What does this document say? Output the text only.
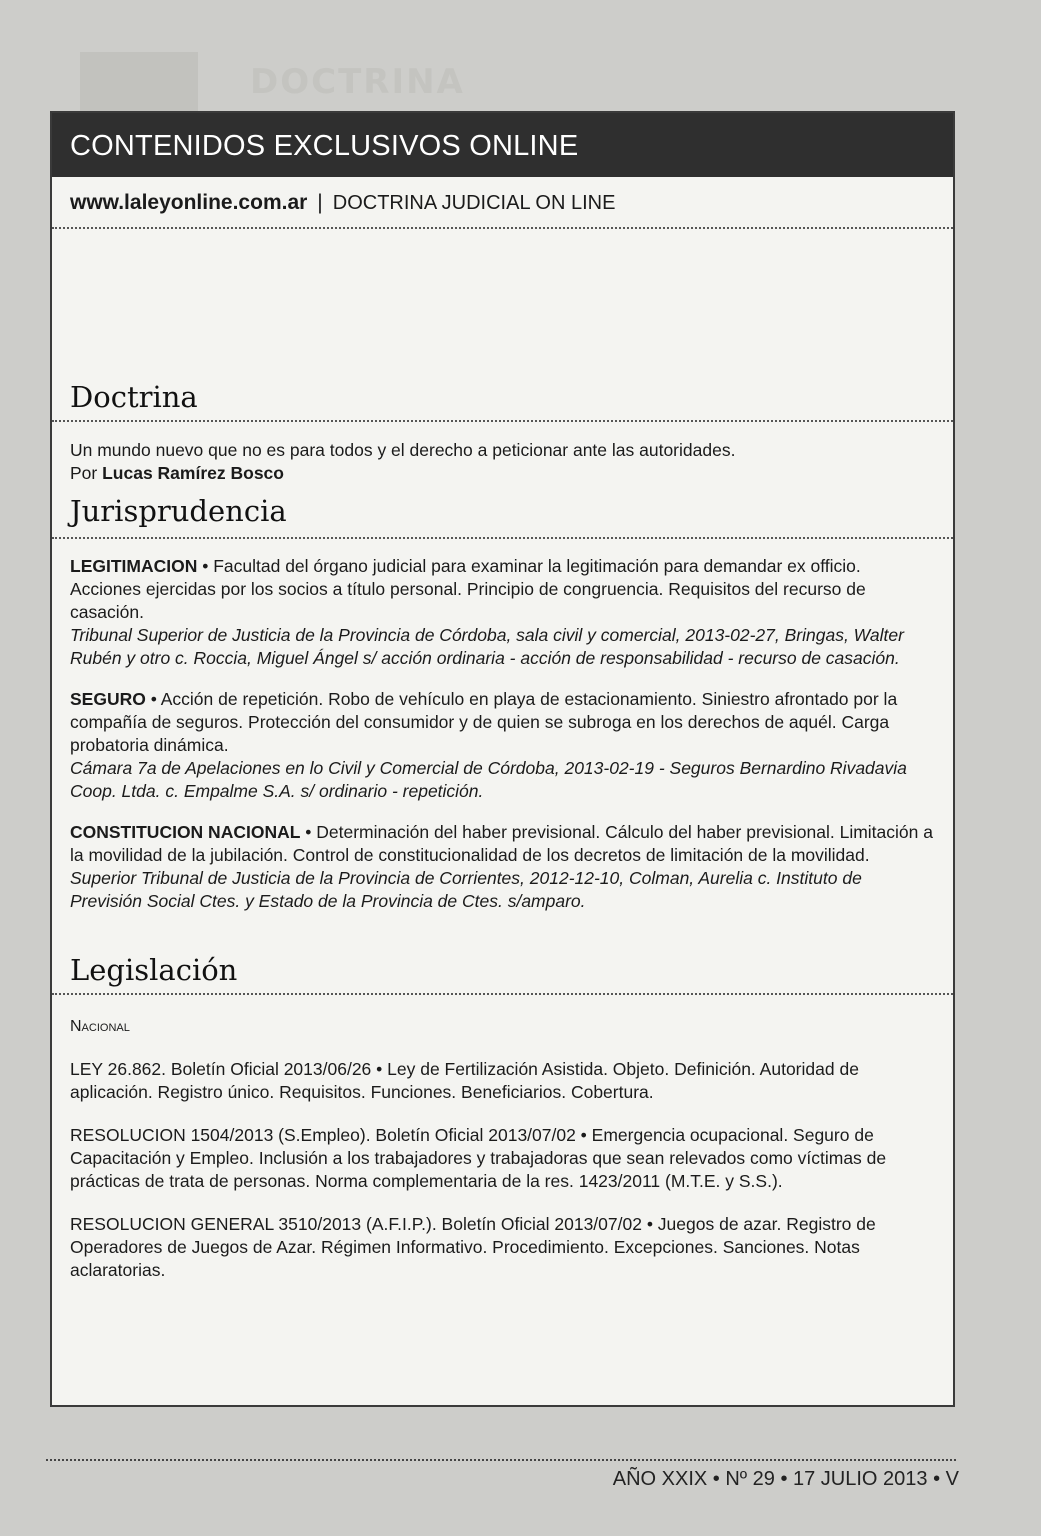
DOCTRINA
CONTENIDOS EXCLUSIVOS ONLINE
www.laleyonline.com.ar | DOCTRINA JUDICIAL ON LINE
Doctrina
Un mundo nuevo que no es para todos y el derecho a peticionar ante las autoridades.
Por Lucas Ramírez Bosco
Jurisprudencia
LEGITIMACION • Facultad del órgano judicial para examinar la legitimación para demandar ex officio. Acciones ejercidas por los socios a título personal. Principio de congruencia. Requisitos del recurso de casación.
Tribunal Superior de Justicia de la Provincia de Córdoba, sala civil y comercial, 2013-02-27, Bringas, Walter Rubén y otro c. Roccia, Miguel Ángel s/ acción ordinaria - acción de responsabilidad - recurso de casación.
SEGURO • Acción de repetición. Robo de vehículo en playa de estacionamiento. Siniestro afrontado por la compañía de seguros. Protección del consumidor y de quien se subroga en los derechos de aquél. Carga probatoria dinámica.
Cámara 7a de Apelaciones en lo Civil y Comercial de Córdoba, 2013-02-19 - Seguros Bernardino Rivadavia Coop. Ltda. c. Empalme S.A. s/ ordinario - repetición.
CONSTITUCION NACIONAL • Determinación del haber previsional. Cálculo del haber previsional. Limitación a la movilidad de la jubilación. Control de constitucionalidad de los decretos de limitación de la movilidad.
Superior Tribunal de Justicia de la Provincia de Corrientes, 2012-12-10, Colman, Aurelia c. Instituto de Previsión Social Ctes. y Estado de la Provincia de Ctes. s/amparo.
Legislación
Nacional
LEY 26.862. Boletín Oficial 2013/06/26 • Ley de Fertilización Asistida. Objeto. Definición. Autoridad de aplicación. Registro único. Requisitos. Funciones. Beneficiarios. Cobertura.
RESOLUCION 1504/2013 (S.Empleo). Boletín Oficial 2013/07/02 • Emergencia ocupacional. Seguro de Capacitación y Empleo. Inclusión a los trabajadores y trabajadoras que sean relevados como víctimas de prácticas de trata de personas. Norma complementaria de la res. 1423/2011 (M.T.E. y S.S.).
RESOLUCION GENERAL 3510/2013 (A.F.I.P.). Boletín Oficial 2013/07/02 • Juegos de azar. Registro de Operadores de Juegos de Azar. Régimen Informativo. Procedimiento. Excepciones. Sanciones. Notas aclaratorias.
AÑO XXIX • Nº 29 • 17 JULIO 2013 • V
